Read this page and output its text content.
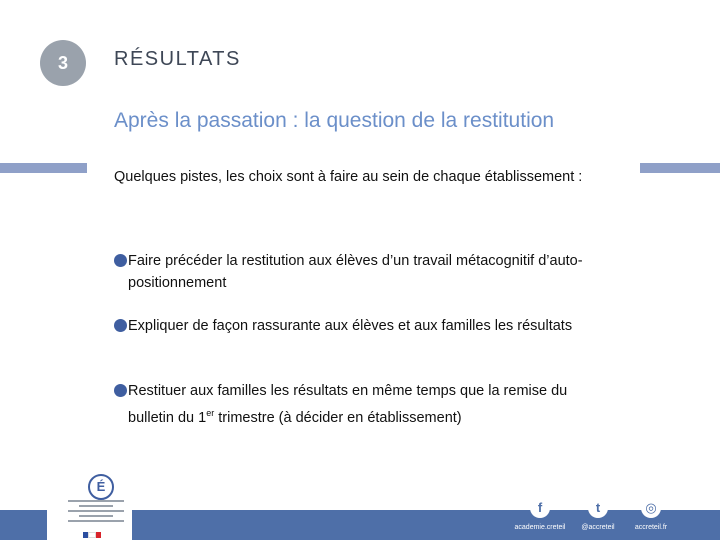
3 RÉSULTATS
Après la passation : la question de la restitution
Quelques pistes, les choix sont à faire au sein de chaque établissement :
Faire précéder la restitution aux élèves d’un travail métacognitif d’auto-positionnement
Expliquer de façon rassurante aux élèves et aux familles les résultats
Restituer aux familles les résultats en même temps que la remise du bulletin du 1er trimestre (à décider en établissement)
É
f
academie.creteil
t
@accreteil
◎
accreteil.fr
